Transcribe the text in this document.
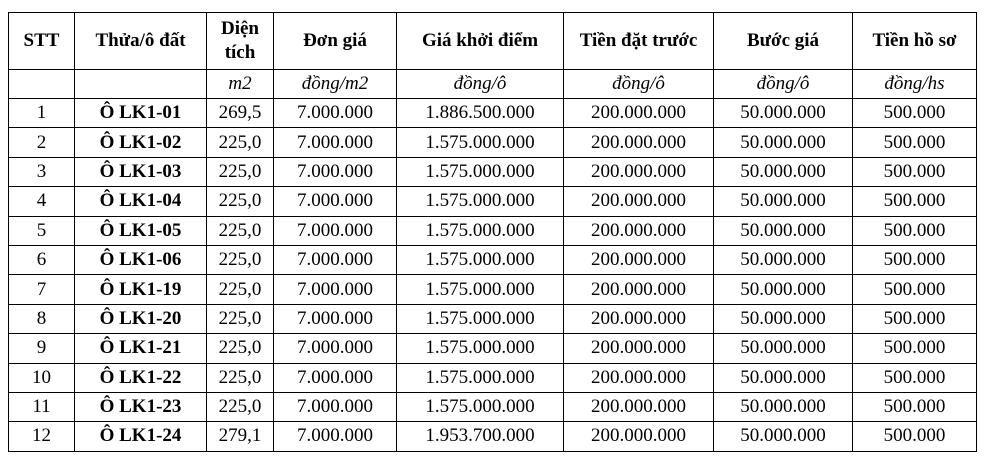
STT	Thửa/ô đất	Diện tích	Đơn giá	Giá khởi điểm	Tiền đặt trước	Bước giá	Tiền hồ sơ
		m2	đồng/m2	đồng/ô	đồng/ô	đồng/ô	đồng/hs
1	Ô LK1-01	269,5	7.000.000	1.886.500.000	200.000.000	50.000.000	500.000
2	Ô LK1-02	225,0	7.000.000	1.575.000.000	200.000.000	50.000.000	500.000
3	Ô LK1-03	225,0	7.000.000	1.575.000.000	200.000.000	50.000.000	500.000
4	Ô LK1-04	225,0	7.000.000	1.575.000.000	200.000.000	50.000.000	500.000
5	Ô LK1-05	225,0	7.000.000	1.575.000.000	200.000.000	50.000.000	500.000
6	Ô LK1-06	225,0	7.000.000	1.575.000.000	200.000.000	50.000.000	500.000
7	Ô LK1-19	225,0	7.000.000	1.575.000.000	200.000.000	50.000.000	500.000
8	Ô LK1-20	225,0	7.000.000	1.575.000.000	200.000.000	50.000.000	500.000
9	Ô LK1-21	225,0	7.000.000	1.575.000.000	200.000.000	50.000.000	500.000
10	Ô LK1-22	225,0	7.000.000	1.575.000.000	200.000.000	50.000.000	500.000
11	Ô LK1-23	225,0	7.000.000	1.575.000.000	200.000.000	50.000.000	500.000
12	Ô LK1-24	279,1	7.000.000	1.953.700.000	200.000.000	50.000.000	500.000
